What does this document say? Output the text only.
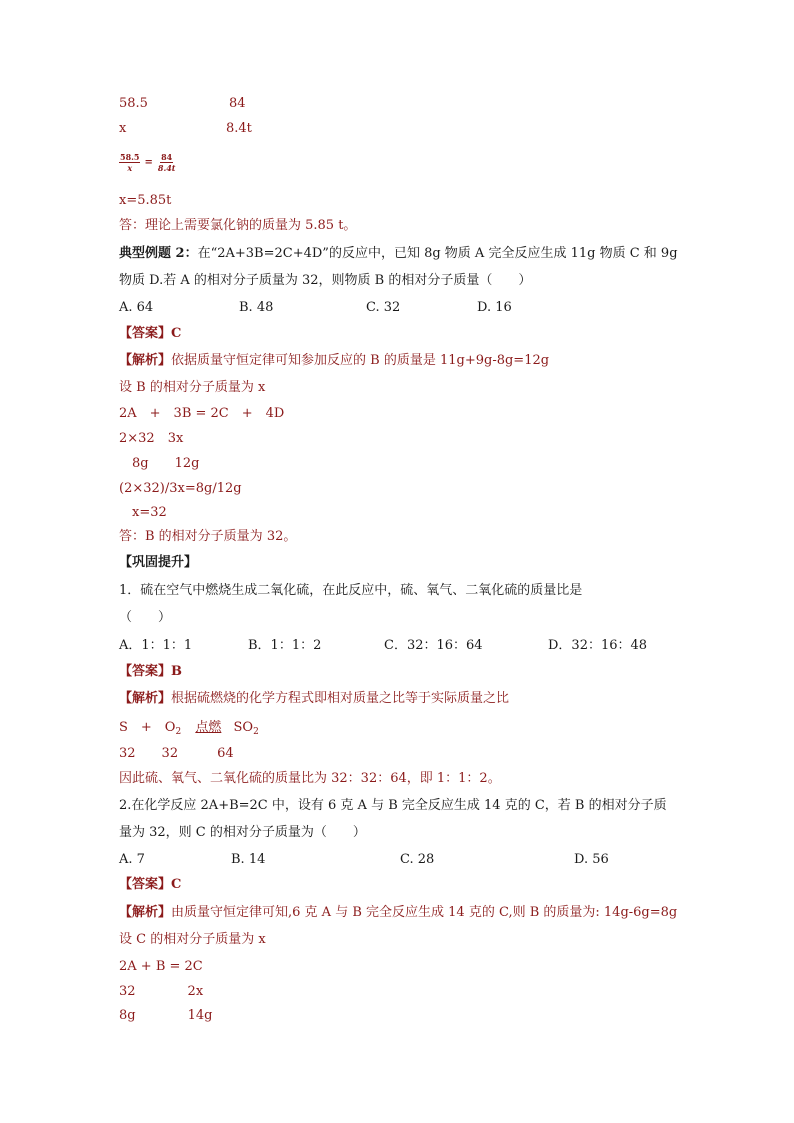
58.5	84
x	8.4t
$\frac{58.5}{x} = \frac{84}{8.4t}$
x=5.85t
答：理论上需要氯化钠的质量为 5.85 t。
典型例题 2：在“2A+3B=2C+4D”的反应中，已知 8g 物质 A 完全反应生成 11g 物质 C 和 9g
物质 D.若 A 的相对分子质量为 32，则物质 B 的相对分子质量（　　）
A. 64	B. 48	C. 32	D. 16
【答案】C
【解析】依据质量守恒定律可知参加反应的 B 的质量是 11g+9g-8g=12g
设 B 的相对分子质量为 x
2A　+　3B = 2C　+　4D
2×32　3x
　8g　　12g
(2×32)/3x=8g/12g
　x=32
答：B 的相对分子质量为 32。
【巩固提升】
1．硫在空气中燃烧生成二氧化硫，在此反应中，硫、氧气、二氧化硫的质量比是
（　　）
A．1：1：1	B．1：1：2	C．32：16：64	D．32：16：48
【答案】B
【解析】根据硫燃烧的化学方程式即相对质量之比等于实际质量之比
S　+　$O_2$ 点燃 $SO_2$
32　　32　　　64
因此硫、氧气、二氧化硫的质量比为 32：32：64，即 1：1：2。
2.在化学反应 2A+B=2C 中，设有 6 克 A 与 B 完全反应生成 14 克的 C，若 B 的相对分子质
量为 32，则 C 的相对分子质量为（　　）
A. 7	B. 14	C. 28	D. 56
【答案】C
【解析】由质量守恒定律可知,6 克 A 与 B 完全反应生成 14 克的 C,则 B 的质量为: 14g-6g=8g
设 C 的相对分子质量为 x
2A + B = 2C
32　　　　2x
8g　　　　14g
